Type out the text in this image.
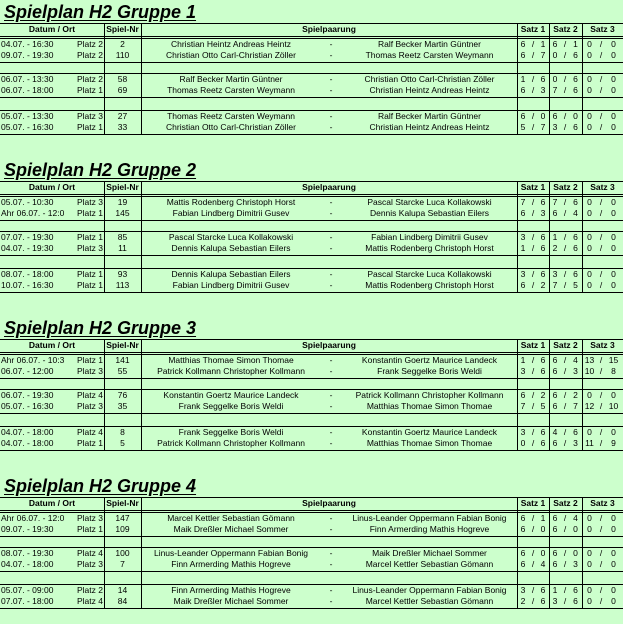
Spielplan H2 Gruppe 1
Datum / Ort	Spiel-Nr	Spielpaarung	Satz 1 Satz 2	Satz 3
04.07. - 16:30	Platz 2	2	Christian Heintz Andreas Heintz	-	Ralf Becker Martin Güntner	6 / 1 6 / 1	0 /	0
09.07. - 19:30	Platz 2	110	Christian Otto Carl-Christian Zöller	-	Thomas Reetz Carsten Weymann	6 / 7 0 / 6	0 /	0
06.07. - 13:30	Platz 2	58	Ralf Becker Martin Güntner	-	Christian Otto Carl-Christian Zöller	1 / 6 0 / 6	0 /	0
06.07. - 18:00	Platz 1	69	Thomas Reetz Carsten Weymann	-	Christian Heintz Andreas Heintz	6 / 3 7 / 6	0 /	0
05.07. - 13:30	Platz 3	27	Thomas Reetz Carsten Weymann	-	Ralf Becker Martin Güntner	6 / 0 6 / 0	0 /	0
05.07. - 16:30	Platz 1	33	Christian Otto Carl-Christian Zöller	-	Christian Heintz Andreas Heintz	5 / 7 3 / 6	0 /	0
Spielplan H2 Gruppe 2
Datum / Ort	Spiel-Nr	Spielpaarung	Satz 1 Satz 2	Satz 3
05.07. - 10:30	Platz 3	19	Mattis Rodenberg Christoph Horst	-	Pascal Starcke Luca Kollakowski	7 / 6 7 / 6	0 /	0
Ahr 06.07. - 12:0	Platz 1	145	Fabian Lindberg Dimitrii Gusev	-	Dennis Kalupa Sebastian Eilers	6 / 3 6 / 4	0 /	0
07.07. - 19:30	Platz 1	85	Pascal Starcke Luca Kollakowski	-	Fabian Lindberg Dimitrii Gusev	3 / 6 1 / 6	0 /	0
04.07. - 19:30	Platz 3	11	Dennis Kalupa Sebastian Eilers	-	Mattis Rodenberg Christoph Horst	1 / 6 2 / 6	0 /	0
08.07. - 18:00	Platz 1	93	Dennis Kalupa Sebastian Eilers	-	Pascal Starcke Luca Kollakowski	3 / 6 3 / 6	0 /	0
10.07. - 16:30	Platz 1	113	Fabian Lindberg Dimitrii Gusev	-	Mattis Rodenberg Christoph Horst	6 / 2 7 / 5	0 /	0
Spielplan H2 Gruppe 3
Datum / Ort	Spiel-Nr	Spielpaarung	Satz 1 Satz 2	Satz 3
Ahr 06.07. - 10:3	Platz 1	141	Matthias Thomae Simon Thomae	-	Konstantin Goertz Maurice Landeck	1 / 6 6 / 4 13 / 15
06.07. - 12:00	Platz 3	55	Patrick Kollmann Christopher Kollmann	-	Frank Seggelke Boris Weldi	3 / 6 6 / 3 10 /	8
06.07. - 19:30	Platz 4	76	Konstantin Goertz Maurice Landeck	-	Patrick Kollmann Christopher Kollmann	6 / 2 6 / 2	0 /	0
05.07. - 16:30	Platz 3	35	Frank Seggelke Boris Weldi	-	Matthias Thomae Simon Thomae	7 / 5 6 / 7 12 / 10
04.07. - 18:00	Platz 4	8	Frank Seggelke Boris Weldi	-	Konstantin Goertz Maurice Landeck	3 / 6 4 / 6	0 /	0
04.07. - 18:00	Platz 1	5	Patrick Kollmann Christopher Kollmann	-	Matthias Thomae Simon Thomae	0 / 6 6 / 3 11 /	9
Spielplan H2 Gruppe 4
Datum / Ort	Spiel-Nr	Spielpaarung	Satz 1 Satz 2	Satz 3
Ahr 06.07. - 12:0	Platz 3	147	Marcel Kettler Sebastian Gömann	-	Linus-Leander Oppermann Fabian Bonig	6 / 1 6 / 4	0 /	0
09.07. - 19:30	Platz 1	109	Maik Dreßler Michael Sommer	-	Finn Armerding Mathis Hogreve	6 / 0 6 / 0	0 /	0
08.07. - 19:30	Platz 4	100	Linus-Leander Oppermann Fabian Bonig	-	Maik Dreßler Michael Sommer	6 / 0 6 / 0	0 /	0
04.07. - 18:00	Platz 3	7	Finn Armerding Mathis Hogreve	-	Marcel Kettler Sebastian Gömann	6 / 4 6 / 3	0 /	0
05.07. - 09:00	Platz 2	14	Finn Armerding Mathis Hogreve	-	Linus-Leander Oppermann Fabian Bonig	3 / 6 1 / 6	0 /	0
07.07. - 18:00	Platz 4	84	Maik Dreßler Michael Sommer	-	Marcel Kettler Sebastian Gömann	2 / 6 3 / 6	0 /	0
